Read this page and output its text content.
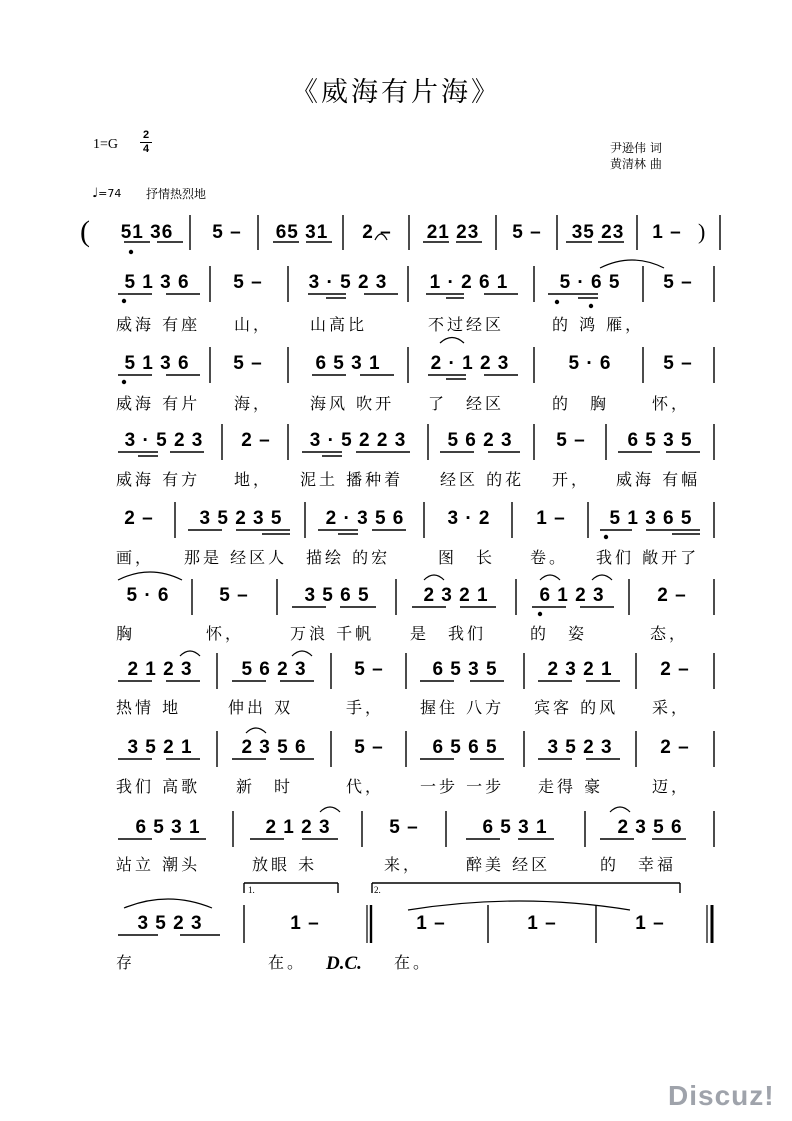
《威海有片海》
1=G
2
4	尹逊伟 词
黄清林 曲
♩=74 抒情热烈地
(	)
51 36	5 –	65 31	2 –	21 23	5 –	35 23	1 –
5 1 3 6	5 –	3 · 5 2 3	1 · 2 6 1	5 · 6 5	5 –
威海 有座 山， 山高比	不过经区	的 鸿 雁，
5 1 3 6	5 –	6 5 3 1	2 · 1 2 3	5 · 6	5 –
威海 有片 海， 海风 吹开 了　经区	的　胸	怀，
3 · 5 2 3	2 –	3 · 5 2 2 3	5 6 2 3	5 –	6 5 3 5
威海 有方 地， 泥土 播种着 经区 的花 开， 威海 有幅
2 –	3 5 2 3 5	2 · 3 5 6	3 · 2	1 –	5 1 3 6 5
画， 那是 经区人 描绘 的宏	图　长 卷。 我们 敞开了
5 · 6	5 –	3 5 6 5	2 3 2 1	6 1 2 3	2 –
胸	怀，	万浪 千帆 是　我们	的　姿	态，
2 1 2 3	5 6 2 3	5 –	6 5 3 5	2 3 2 1	2 –
热情 地	伸出 双	手， 握住 八方 宾客 的风 采，
3 5 2 1	2 3 5 6	5 –	6 5 6 5	3 5 2 3	2 –
我们 高歌 新　时	代， 一步 一步 走得 豪	迈，
6 5 3 1	2 1 2 3	5 –	6 5 3 1	2 3 5 6
站立 潮头	放眼 未	来，	醉美 经区	的　幸福
1.	2.
3 5 2 3	1 –	1 –	1 –	1 –
存	在。	在。
D.C.
Discuz!
